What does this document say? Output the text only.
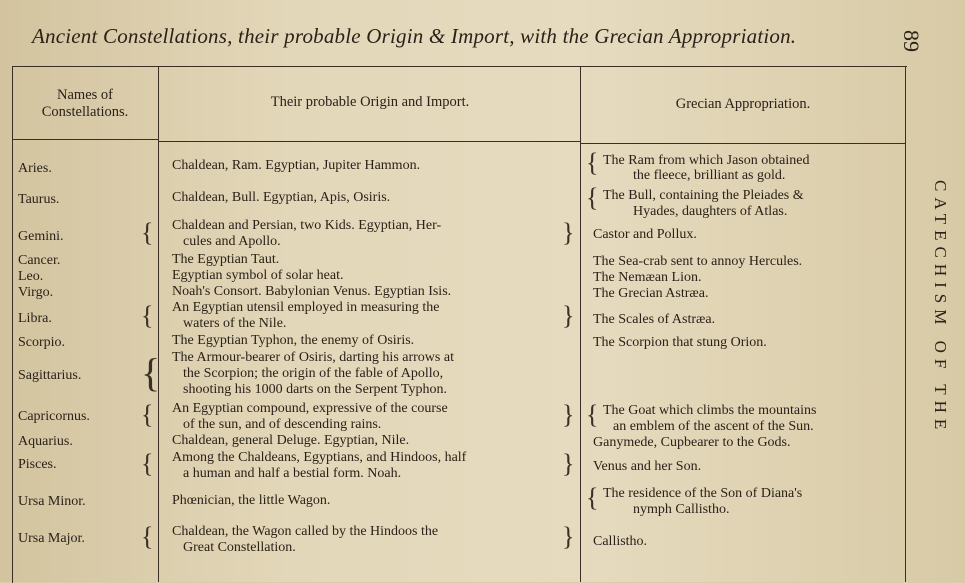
Ancient Constellations, their probable Origin & Import, with the Grecian Appropriation.	89
CATECHISM OF THE
Names of Constellations.
Their probable Origin and Import.	Grecian Appropriation.
Aries.	Chaldean, Ram. Egyptian, Jupiter Hammon.	{ The Ram from which Jason obtained
the fleece, brilliant as gold.
Taurus.	Chaldean, Bull. Egyptian, Apis, Osiris.	{ The Bull, containing the Pleiades &
Hyades, daughters of Atlas.
Gemini.	{ Chaldean and Persian, two Kids. Egyptian, Her-
cules and Apollo.	} Castor and Pollux.
Cancer.	The Egyptian Taut.	The Sea-crab sent to annoy Hercules.
Leo.	Egyptian symbol of solar heat.	The Nemæan Lion.
Virgo.	Noah's Consort. Babylonian Venus. Egyptian Isis.	The Grecian Astræa.
Libra.	{ An Egyptian utensil employed in measuring the
waters of the Nile.	} The Scales of Astræa.
Scorpio.	The Egyptian Typhon, the enemy of Osiris.	The Scorpion that stung Orion.
Sagittarius. { The Armour-bearer of Osiris, darting his arrows at
the Scorpion; the origin of the fable of Apollo,
shooting his 1000 darts on the Serpent Typhon.
Capricornus. { An Egyptian compound, expressive of the course
of the sun, and of descending rains.	} { The Goat which climbs the mountains
an emblem of the ascent of the Sun.
Aquarius.	Chaldean, general Deluge. Egyptian, Nile.	Ganymede, Cupbearer to the Gods.
Pisces.	{ Among the Chaldeans, Egyptians, and Hindoos, half
a human and half a bestial form. Noah.	} Venus and her Son.
Ursa Minor.	Phœnician, the little Wagon.	{ The residence of the Son of Diana's
nymph Callistho.
Ursa Major. { Chaldean, the Wagon called by the Hindoos the
Great Constellation.	} Callistho.
